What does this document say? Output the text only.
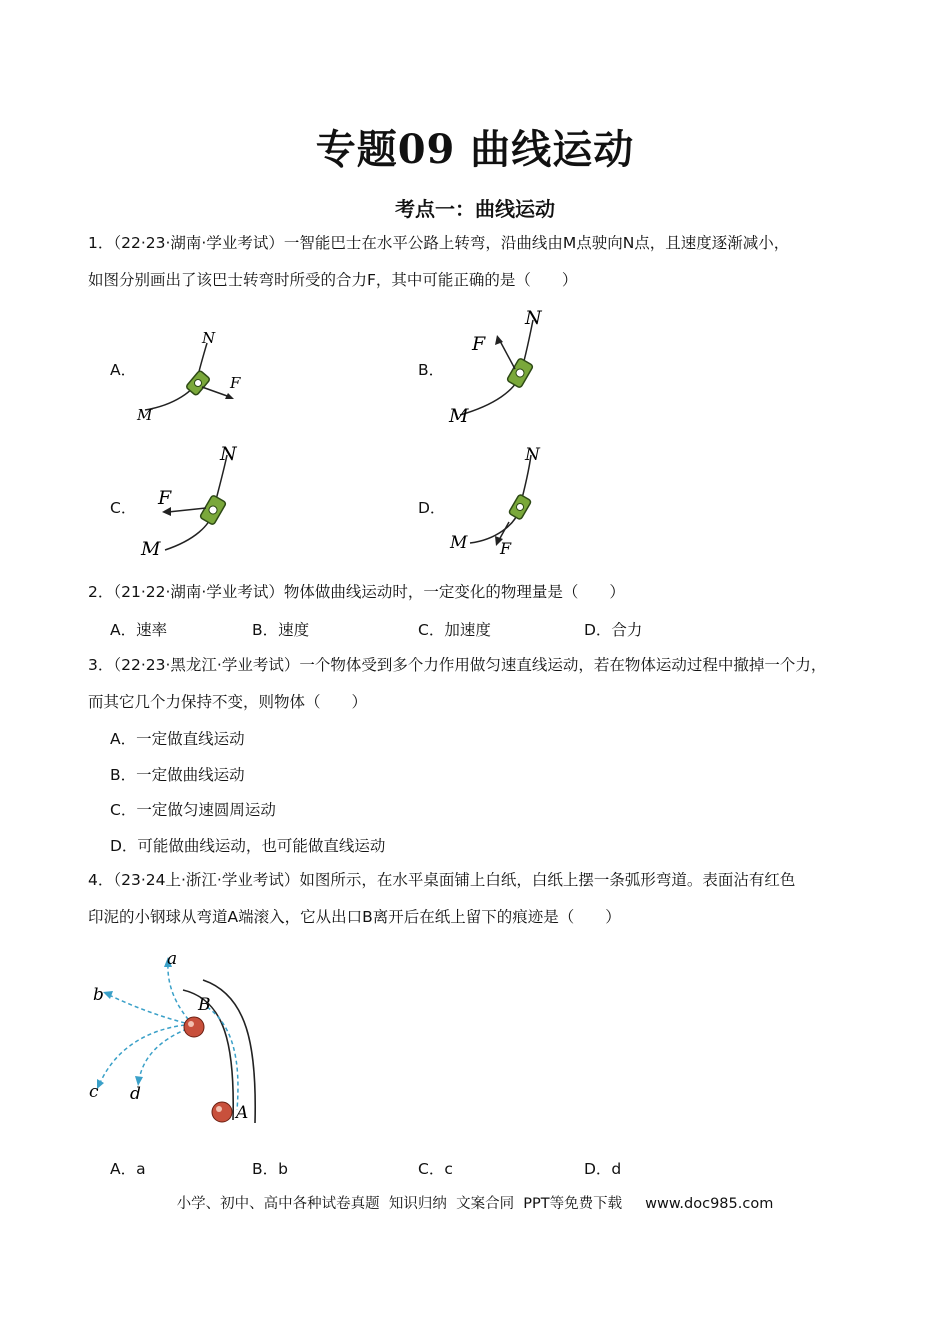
专题09 曲线运动
考点一：曲线运动
1．（22·23·湖南·学业考试）一智能巴士在水平公路上转弯，沿曲线由M点驶向N点，且速度逐渐减小，
如图分别画出了该巴士转弯时所受的合力F，其中可能正确的是（　　）
A．	B．
C．	D．
M
N
F
M
N
F
M
N
F
M
N
F
2．（21·22·湖南·学业考试）物体做曲线运动时，一定变化的物理量是（　　）
A．速率	B．速度	C．加速度	D．合力
3．（22·23·黑龙江·学业考试）一个物体受到多个力作用做匀速直线运动，若在物体运动过程中撤掉一个力，
而其它几个力保持不变，则物体（　　）
A．一定做直线运动
B．一定做曲线运动
C．一定做匀速圆周运动
D．可能做曲线运动，也可能做直线运动
4．（23·24上·浙江·学业考试）如图所示，在水平桌面铺上白纸，白纸上摆一条弧形弯道。表面沾有红色
印泥的小钢球从弯道A端滚入，它从出口B离开后在纸上留下的痕迹是（　　）
a
b
c d
B
A
A．a	B．b	C．c	D．d
小学、初中、高中各种试卷真题  知识归纳  文案合同  PPT等免费下载     www.doc985.com
